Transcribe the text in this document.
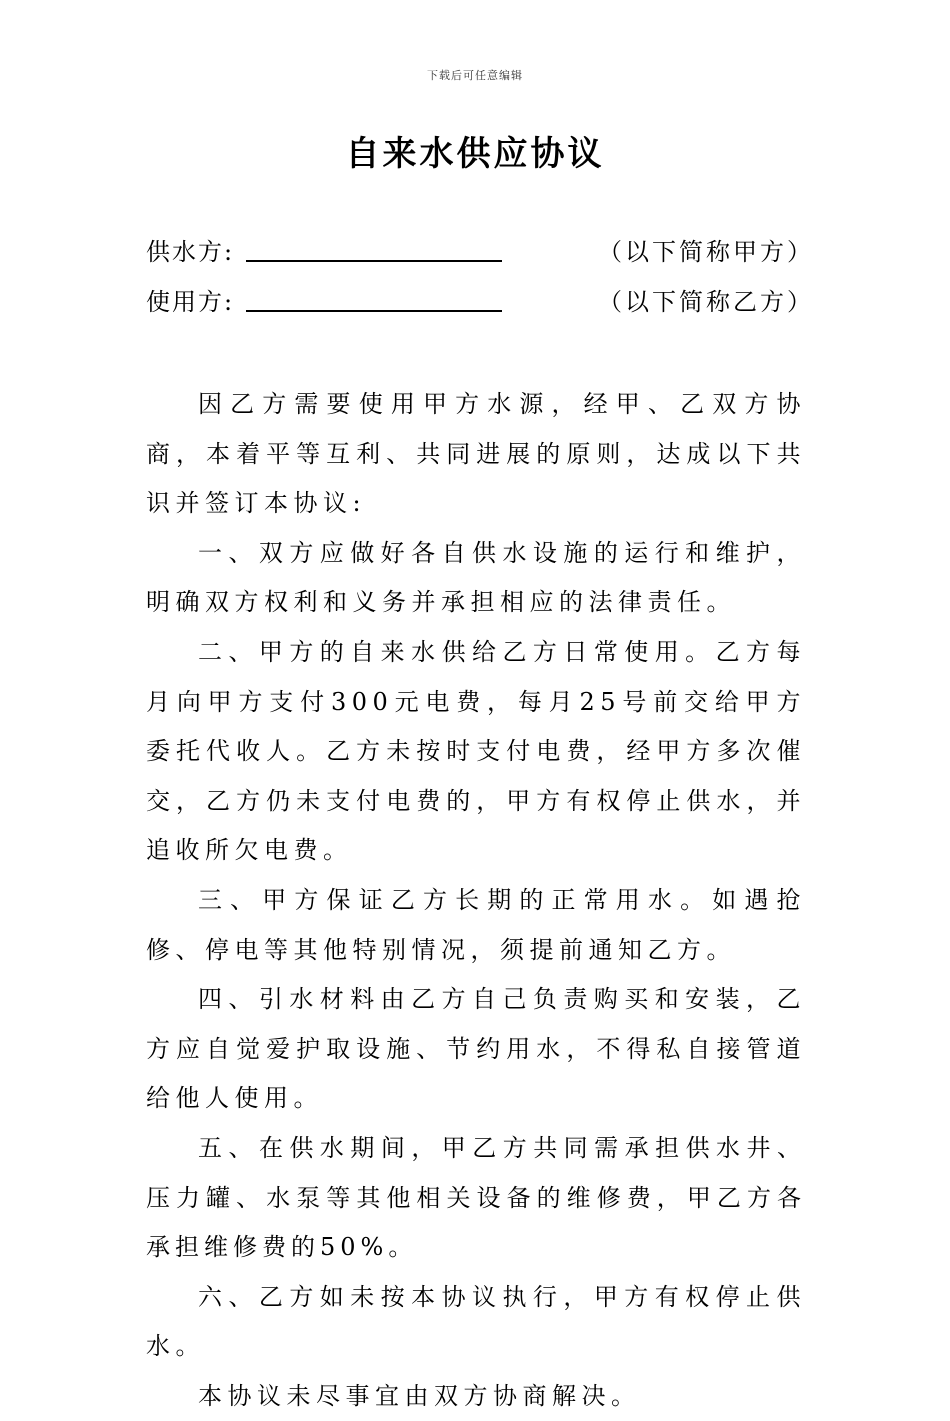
下载后可任意编辑
自来水供应协议
供水方:	（以下简称甲方）
使用方:	（以下简称乙方）

因乙方需要使用甲方水源，经甲、乙双方协商，本着平等互利、共同进展的原则，达成以下共识并签订本协议:

一、双方应做好各自供水设施的运行和维护，明确双方权利和义务并承担相应的法律责任。

二、甲方的自来水供给乙方日常使用。乙方每月向甲方支付300元电费，每月25号前交给甲方委托代收人。乙方未按时支付电费，经甲方多次催交，乙方仍未支付电费的，甲方有权停止供水，并追收所欠电费。

三、甲方保证乙方长期的正常用水。如遇抢修、停电等其他特别情况，须提前通知乙方。

四、引水材料由乙方自己负责购买和安装，乙方应自觉爱护取设施、节约用水，不得私自接管道给他人使用。

五、在供水期间，甲乙方共同需承担供水井、压力罐、水泵等其他相关设备的维修费，甲乙方各承担维修费的50%。

六、乙方如未按本协议执行，甲方有权停止供水。

本协议未尽事宜由双方协商解决。
